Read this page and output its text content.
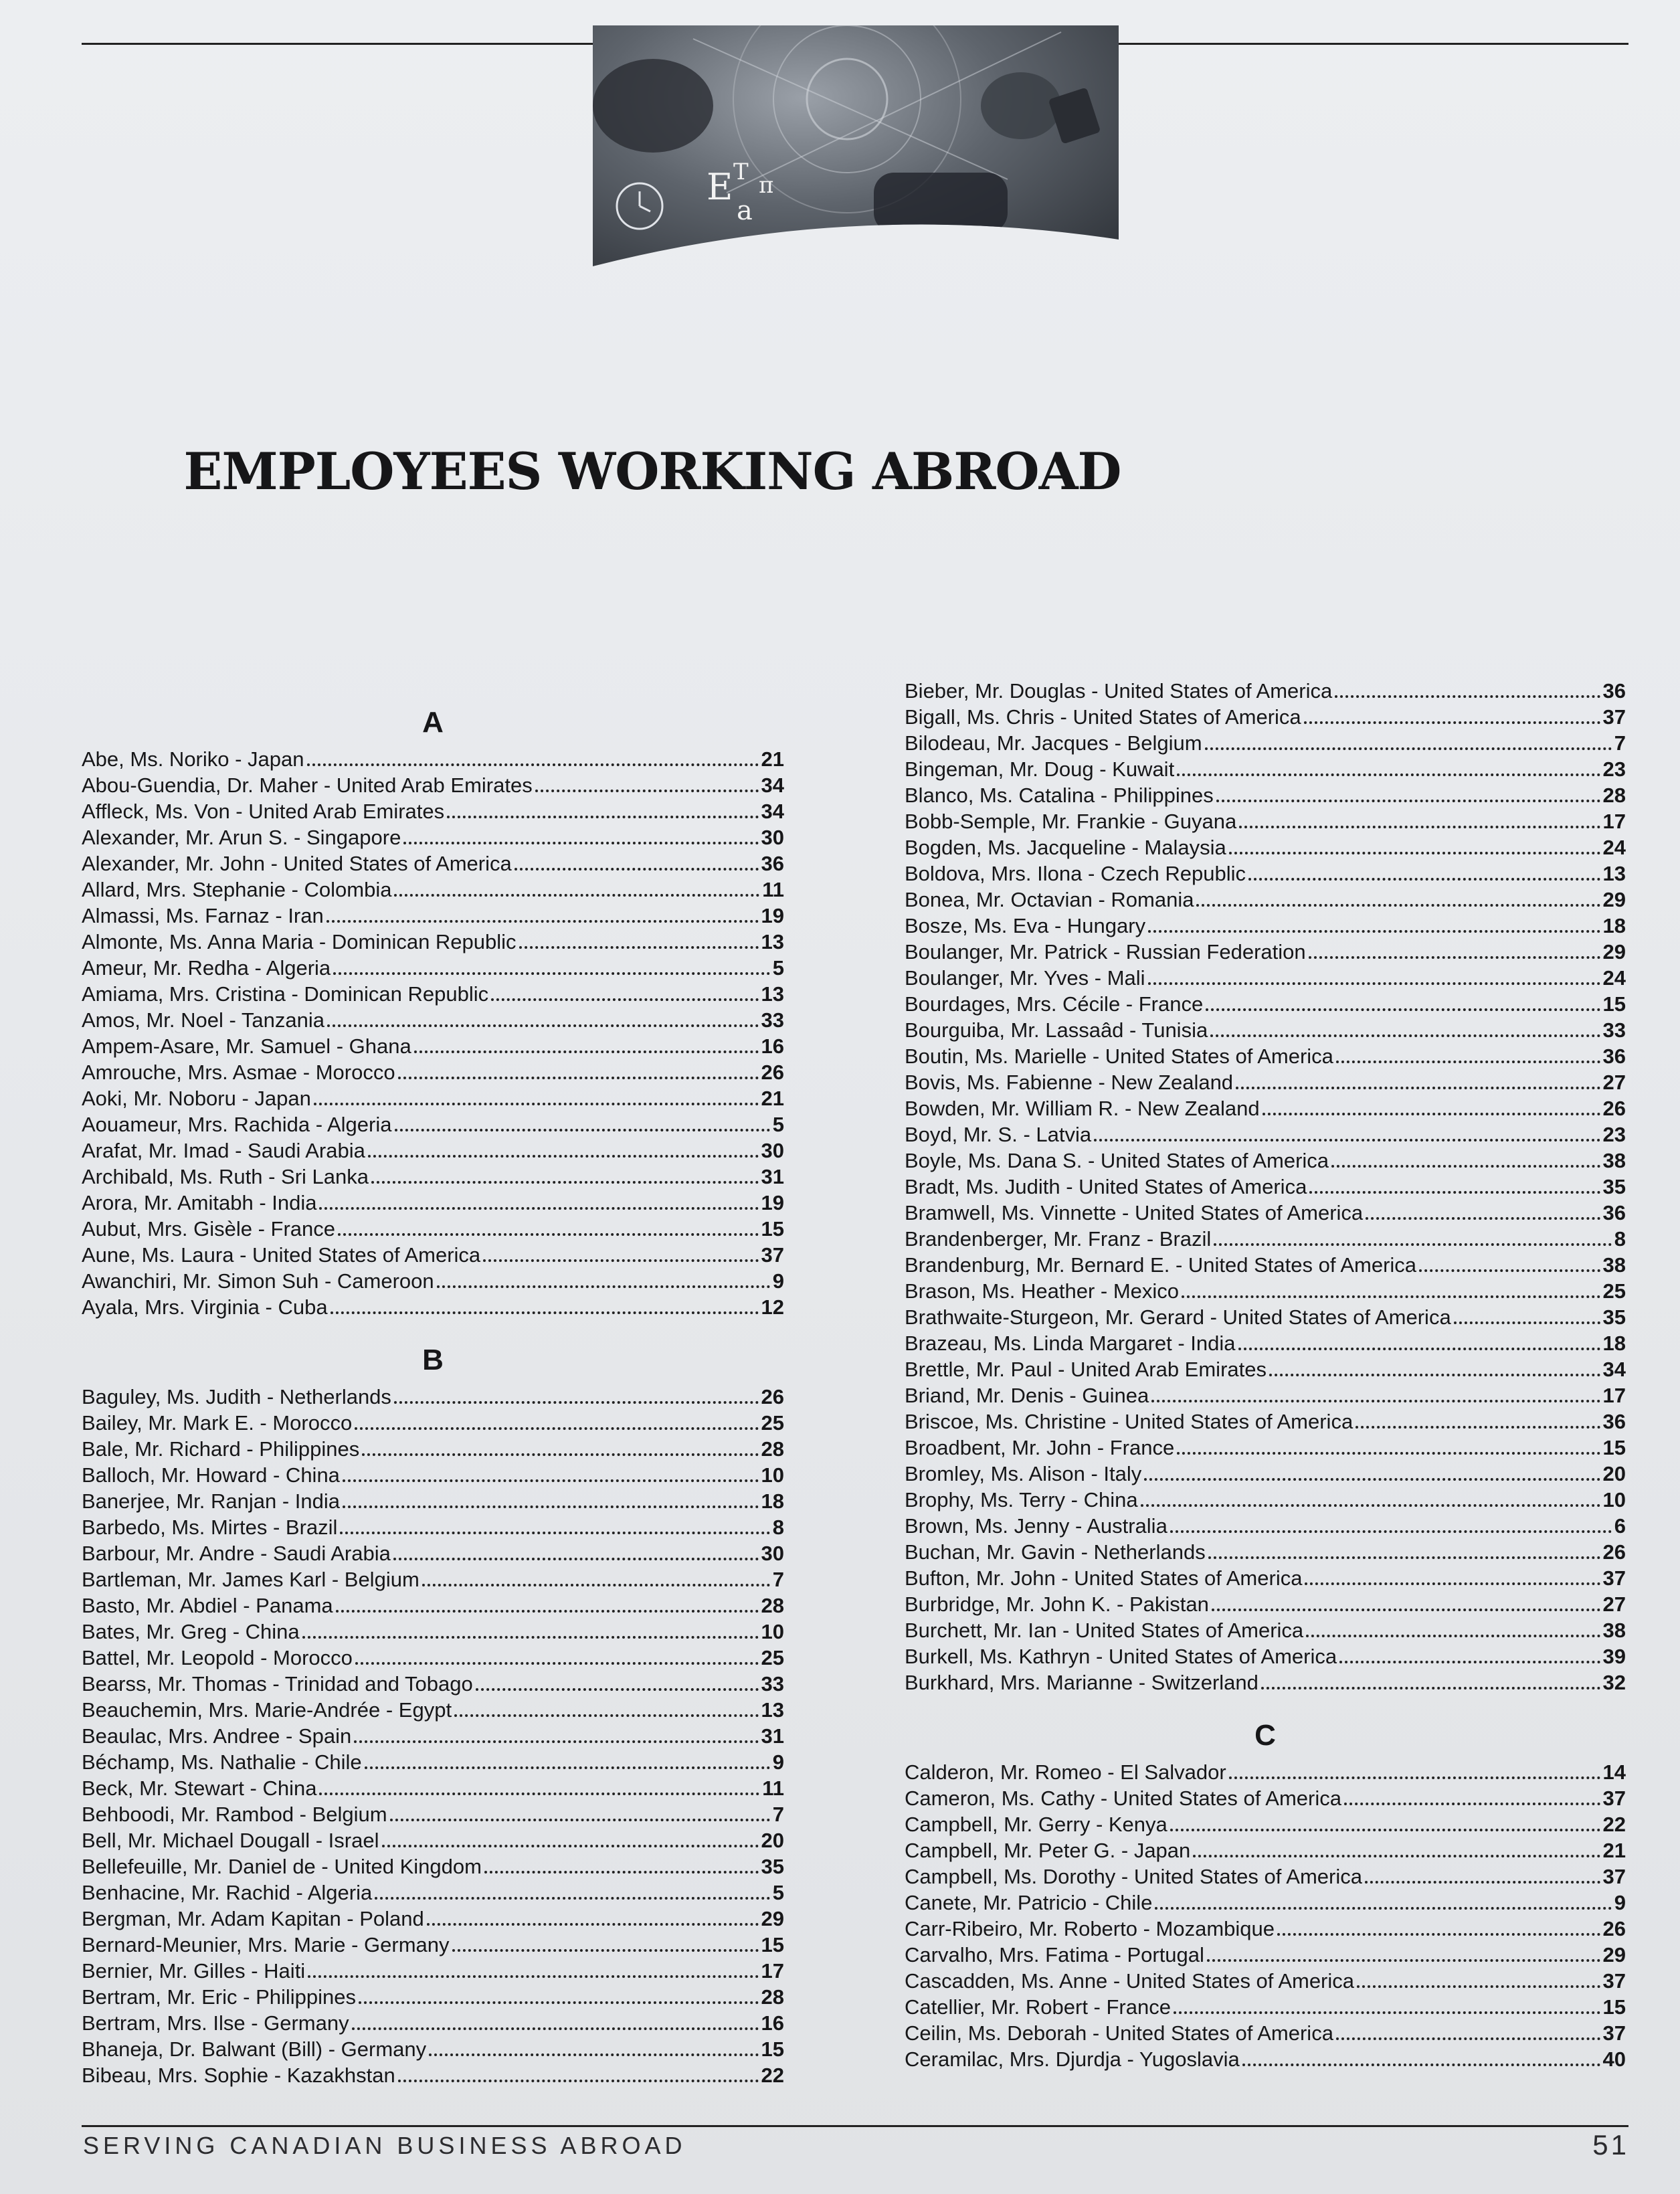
E T
a
π
EMPLOYEES WORKING ABROAD
A
Abe, Ms. Noriko - Japan	21
Abou-Guendia, Dr. Maher - United Arab Emirates	34
Affleck, Ms. Von - United Arab Emirates	34
Alexander, Mr. Arun S. - Singapore	30
Alexander, Mr. John - United States of America	36
Allard, Mrs. Stephanie - Colombia	11
Almassi, Ms. Farnaz - Iran	19
Almonte, Ms. Anna Maria - Dominican Republic	13
Ameur, Mr. Redha - Algeria	5
Amiama, Mrs. Cristina - Dominican Republic	13
Amos, Mr. Noel - Tanzania	33
Ampem-Asare, Mr. Samuel - Ghana	16
Amrouche, Mrs. Asmae - Morocco	26
Aoki, Mr. Noboru - Japan	21
Aouameur, Mrs. Rachida - Algeria	5
Arafat, Mr. Imad - Saudi Arabia	30
Archibald, Ms. Ruth - Sri Lanka	31
Arora, Mr. Amitabh - India	19
Aubut, Mrs. Gisèle - France	15
Aune, Ms. Laura - United States of America	37
Awanchiri, Mr. Simon Suh - Cameroon	9
Ayala, Mrs. Virginia - Cuba	12
B
Baguley, Ms. Judith - Netherlands	26
Bailey, Mr. Mark E. - Morocco	25
Bale, Mr. Richard - Philippines	28
Balloch, Mr. Howard - China	10
Banerjee, Mr. Ranjan - India	18
Barbedo, Ms. Mirtes - Brazil	8
Barbour, Mr. Andre - Saudi Arabia	30
Bartleman, Mr. James Karl - Belgium	7
Basto, Mr. Abdiel - Panama	28
Bates, Mr. Greg - China	10
Battel, Mr. Leopold - Morocco	25
Bearss, Mr. Thomas - Trinidad and Tobago	33
Beauchemin, Mrs. Marie-Andrée - Egypt	13
Beaulac, Mrs. Andree - Spain	31
Béchamp, Ms. Nathalie - Chile	9
Beck, Mr. Stewart - China	11
Behboodi, Mr. Rambod - Belgium	7
Bell, Mr. Michael Dougall - Israel	20
Bellefeuille, Mr. Daniel de - United Kingdom	35
Benhacine, Mr. Rachid - Algeria	5
Bergman, Mr. Adam Kapitan - Poland	29
Bernard-Meunier, Mrs. Marie - Germany	15
Bernier, Mr. Gilles - Haiti	17
Bertram, Mr. Eric - Philippines	28
Bertram, Mrs. Ilse - Germany	16
Bhaneja, Dr. Balwant (Bill) - Germany	15
Bibeau, Mrs. Sophie - Kazakhstan	22
Bieber, Mr. Douglas - United States of America	36
Bigall, Ms. Chris - United States of America	37
Bilodeau, Mr. Jacques - Belgium	7
Bingeman, Mr. Doug - Kuwait	23
Blanco, Ms. Catalina - Philippines	28
Bobb-Semple, Mr. Frankie - Guyana	17
Bogden, Ms. Jacqueline - Malaysia	24
Boldova, Mrs. Ilona - Czech Republic	13
Bonea, Mr. Octavian - Romania	29
Bosze, Ms. Eva - Hungary	18
Boulanger, Mr. Patrick - Russian Federation	29
Boulanger, Mr. Yves - Mali	24
Bourdages, Mrs. Cécile - France	15
Bourguiba, Mr. Lassaâd - Tunisia	33
Boutin, Ms. Marielle - United States of America	36
Bovis, Ms. Fabienne - New Zealand	27
Bowden, Mr. William R. - New Zealand	26
Boyd, Mr. S. - Latvia	23
Boyle, Ms. Dana S. - United States of America	38
Bradt, Ms. Judith - United States of America	35
Bramwell, Ms. Vinnette - United States of America	36
Brandenberger, Mr. Franz - Brazil	8
Brandenburg, Mr. Bernard E. - United States of America	38
Brason, Ms. Heather - Mexico	25
Brathwaite-Sturgeon, Mr. Gerard - United States of America	35
Brazeau, Ms. Linda Margaret - India	18
Brettle, Mr. Paul - United Arab Emirates	34
Briand, Mr. Denis - Guinea	17
Briscoe, Ms. Christine - United States of America	36
Broadbent, Mr. John - France	15
Bromley, Ms. Alison - Italy	20
Brophy, Ms. Terry - China	10
Brown, Ms. Jenny - Australia	6
Buchan, Mr. Gavin - Netherlands	26
Bufton, Mr. John - United States of America	37
Burbridge, Mr. John K. - Pakistan	27
Burchett, Mr. Ian - United States of America	38
Burkell, Ms. Kathryn - United States of America	39
Burkhard, Mrs. Marianne - Switzerland	32
C
Calderon, Mr. Romeo - El Salvador	14
Cameron, Ms. Cathy - United States of America	37
Campbell, Mr. Gerry - Kenya	22
Campbell, Mr. Peter G. - Japan	21
Campbell, Ms. Dorothy - United States of America	37
Canete, Mr. Patricio - Chile	9
Carr-Ribeiro, Mr. Roberto - Mozambique	26
Carvalho, Mrs. Fatima - Portugal	29
Cascadden, Ms. Anne - United States of America	37
Catellier, Mr. Robert - France	15
Ceilin, Ms. Deborah - United States of America	37
Ceramilac, Mrs. Djurdja - Yugoslavia	40
SERVING CANADIAN BUSINESS ABROAD	51
